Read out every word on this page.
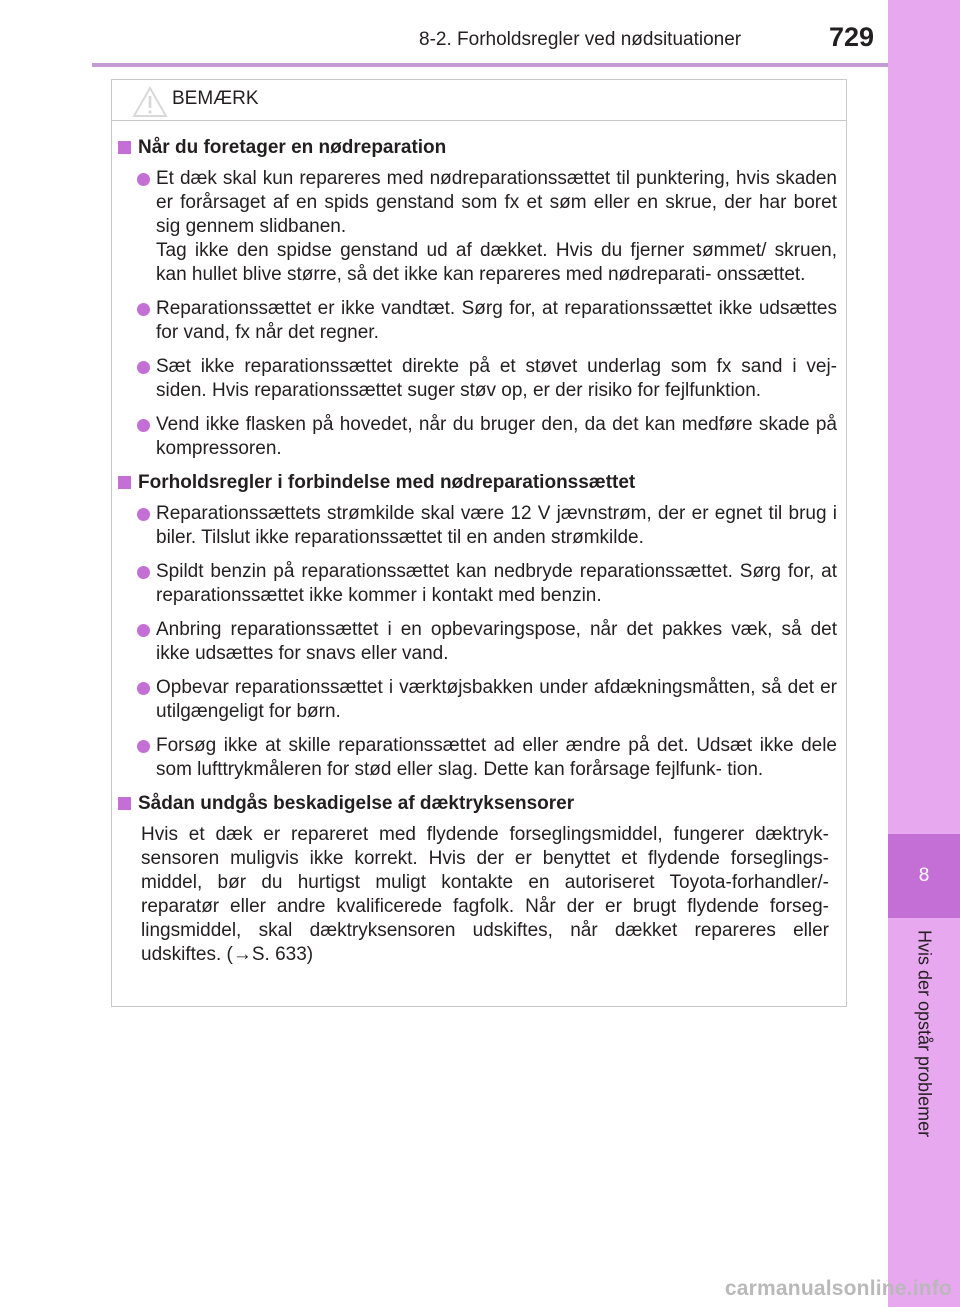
8-2. Forholdsregler ved nødsituationer	729
8
Hvis der opstår problemer
BEMÆRK
Når du foretager en nødreparation

Et dæk skal kun repareres med nødreparationssættet til punktering, hvis skaden er forårsaget af en spids genstand som fx et søm eller en skrue, der har boret sig gennem slidbanen.

Tag ikke den spidse genstand ud af dækket. Hvis du fjerner sømmet/ skruen, kan hullet blive større, så det ikke kan repareres med nødreparati- onssættet.

Reparationssættet er ikke vandtæt. Sørg for, at reparationssættet ikke udsættes for vand, fx når det regner.

Sæt ikke reparationssættet direkte på et støvet underlag som fx sand i vej- siden. Hvis reparationssættet suger støv op, er der risiko for fejlfunktion.

Vend ikke flasken på hovedet, når du bruger den, da det kan medføre skade på kompressoren.

Forholdsregler i forbindelse med nødreparationssættet

Reparationssættets strømkilde skal være 12 V jævnstrøm, der er egnet til brug i biler. Tilslut ikke reparationssættet til en anden strømkilde.

Spildt benzin på reparationssættet kan nedbryde reparationssættet. Sørg for, at reparationssættet ikke kommer i kontakt med benzin.

Anbring reparationssættet i en opbevaringspose, når det pakkes væk, så det ikke udsættes for snavs eller vand.

Opbevar reparationssættet i værktøjsbakken under afdækningsmåtten, så det er utilgængeligt for børn.

Forsøg ikke at skille reparationssættet ad eller ændre på det. Udsæt ikke dele som lufttrykmåleren for stød eller slag. Dette kan forårsage fejlfunk- tion.

Sådan undgås beskadigelse af dæktryksensorer
Hvis et dæk er repareret med flydende forseglingsmiddel, fungerer dæktryk- sensoren muligvis ikke korrekt. Hvis der er benyttet et flydende forseglings- middel, bør du hurtigst muligt kontakte en autoriseret Toyota-forhandler/- reparatør eller andre kvalificerede fagfolk. Når der er brugt flydende forseg- lingsmiddel, skal dæktryksensoren udskiftes, når dækket repareres eller udskiftes. (→S. 633)
carmanualsonline.info
